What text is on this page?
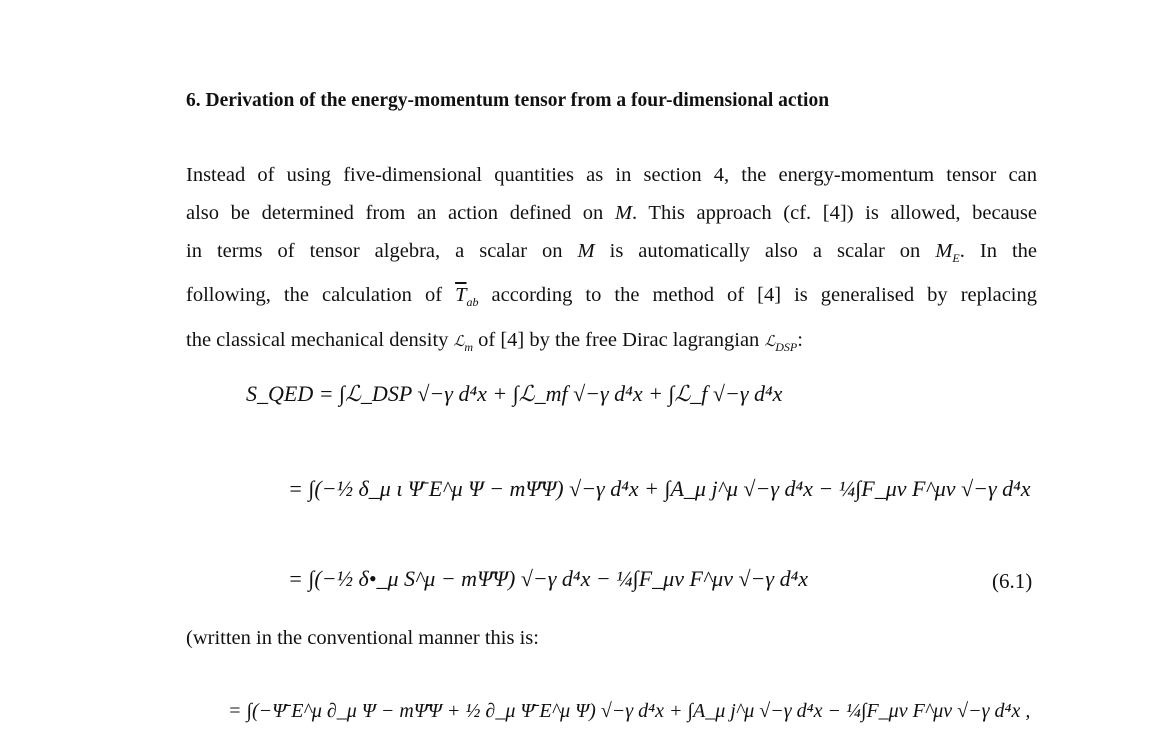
6. Derivation of the energy-momentum tensor from a four-dimensional action
Instead of using five-dimensional quantities as in section 4, the energy-momentum tensor can
also be determined from an action defined on M. This approach (cf. [4]) is allowed, because
in terms of tensor algebra, a scalar on M is automatically also a scalar on $M_E$. In the
following, the calculation of $\overline{T}_{ab}$ according to the method of [4] is generalised by replacing
the classical mechanical density ℒ$_m$ of [4] by the free Dirac lagrangian ℒ$_{DSP}$:
S_QED = ∫ℒ_DSP √−γ d⁴x + ∫ℒ_mf √−γ d⁴x + ∫ℒ_f √−γ d⁴x
= ∫(−½ δ_μ ι Ψ̄ E^μ Ψ − mΨ̄Ψ) √−γ d⁴x + ∫A_μ j^μ √−γ d⁴x − ¼∫F_μν F^μν √−γ d⁴x
= ∫(−½ δ•_μ S^μ − mΨ̄Ψ) √−γ d⁴x − ¼∫F_μν F^μν √−γ d⁴x	(6.1)
(written in the conventional manner this is:
= ∫(−Ψ̄ E^μ ∂_μ Ψ − mΨ̄Ψ + ½ ∂_μ Ψ̄ E^μ Ψ) √−γ d⁴x + ∫A_μ j^μ √−γ d⁴x − ¼∫F_μν F^μν √−γ d⁴x ,
